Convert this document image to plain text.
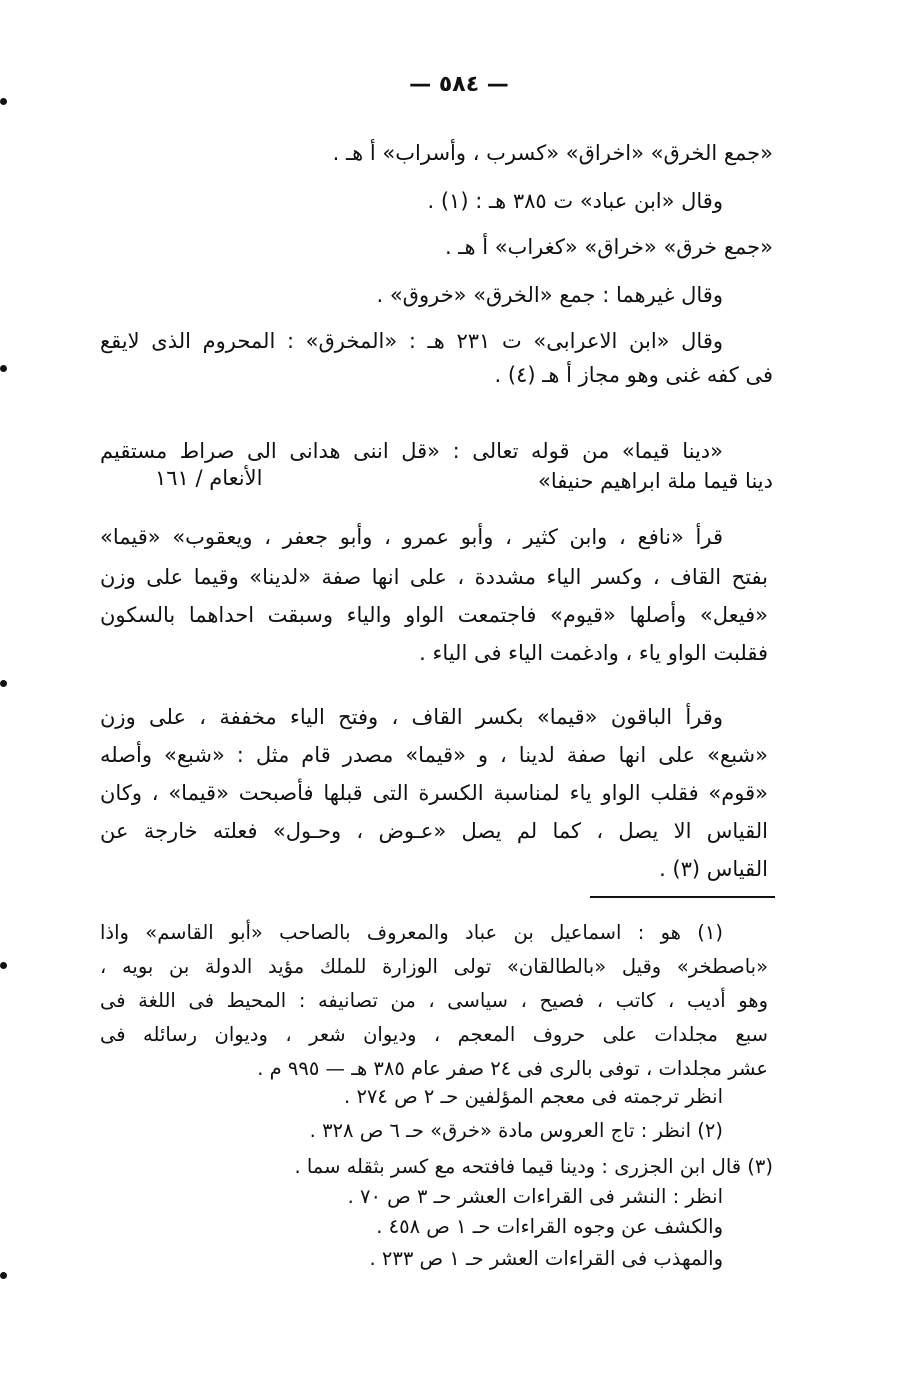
— ٥٨٤ —
«جمع الخرق» «اخراق» «كسرب ، وأسراب» أ هـ .
وقال «ابن عباد» ت ٣٨٥ هـ : (١) .
«جمع خرق» «خراق» «كغراب» أ هـ .
وقال غيرهما : جمع «الخرق» «خروق» .
وقال «ابن الاعرابى» ت ٢٣١ هـ : «المخرق» : المحروم الذى لايقع
فى كفه غنى وهو مجاز أ هـ (٤) .
«دينا قيما» من قوله تعالى : «قل اننى هدانى الى صراط مستقيم
دينا قيما ملة ابراهيم حنيفا»
الأنعام / ١٦١
قرأ «نافع ، وابن كثير ، وأبو عمرو ، وأبو جعفر ، ويعقوب» «قيما»
بفتح القاف ، وكسر الياء مشددة ، على انها صفة «لدينا» وقيما على وزن
«فيعل» وأصلها «قيوم» فاجتمعت الواو والياء وسبقت احداهما بالسكون
فقلبت الواو ياء ، وادغمت الياء فى الياء .
وقرأ الباقون «قيما» بكسر القاف ، وفتح الياء مخففة ، على وزن
«شبع» على انها صفة لدينا ، و «قيما» مصدر قام مثل : «شبع» وأصله
«قوم» فقلب الواو ياء لمناسبة الكسرة التى قبلها فأصبحت «قيما» ، وكان
القياس الا يصل ، كما لم يصل «عـوض ، وحـول» فعلته خارجة عن
القياس (٣) .
(١) هو : اسماعيل بن عباد والمعروف بالصاحب «أبو القاسم» واذا
«باصطخر» وقيل «بالطالقان» تولى الوزارة للملك مؤيد الدولة بن بويه ،
وهو أديب ، كاتب ، فصيح ، سياسى ، من تصانيفه : المحيط فى اللغة فى
سبع مجلدات على حروف المعجم ، وديوان شعر ، وديوان رسائله فى
عشر مجلدات ، توفى بالرى فى ٢٤ صفر عام ٣٨٥ هـ — ٩٩٥ م .
انظر ترجمته فى معجم المؤلفين حـ ٢ ص ٢٧٤ .
(٢) انظر : تاج العروس مادة «خرق» حـ ٦ ص ٣٢٨ .
(٣) قال ابن الجزرى : ودينا قيما فافتحه مع كسر بثقله سما .
انظر : النشر فى القراءات العشر حـ ٣ ص ٧٠ .
والكشف عن وجوه القراءات حـ ١ ص ٤٥٨ .
والمهذب فى القراءات العشر حـ ١ ص ٢٣٣ .
